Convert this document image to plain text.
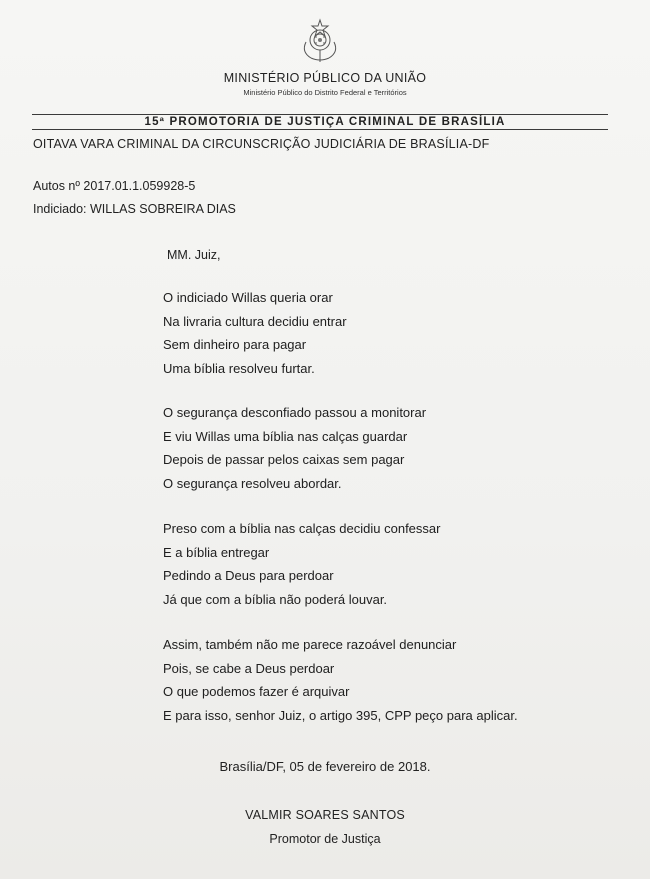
MINISTÉRIO PÚBLICO DA UNIÃO
Ministério Público do Distrito Federal e Territórios
15ª PROMOTORIA DE JUSTIÇA CRIMINAL DE BRASÍLIA
OITAVA VARA CRIMINAL DA CIRCUNSCRIÇÃO JUDICIÁRIA DE BRASÍLIA-DF
Autos nº 2017.01.1.059928-5
Indiciado: WILLAS SOBREIRA DIAS
MM. Juiz,
O indiciado Willas queria orar
Na livraria cultura decidiu entrar
Sem dinheiro para pagar
Uma bíblia resolveu furtar.
O segurança desconfiado passou a monitorar
E viu Willas uma bíblia nas calças guardar
Depois de passar pelos caixas sem pagar
O segurança resolveu abordar.
Preso com a bíblia nas calças decidiu confessar
E a bíblia entregar
Pedindo a Deus para perdoar
Já que com a bíblia não poderá louvar.
Assim, também não me parece razoável denunciar
Pois, se cabe a Deus perdoar
O que podemos fazer é arquivar
E para isso, senhor Juiz, o artigo 395, CPP peço para aplicar.
Brasília/DF, 05 de fevereiro de 2018.
VALMIR SOARES SANTOS
Promotor de Justiça
